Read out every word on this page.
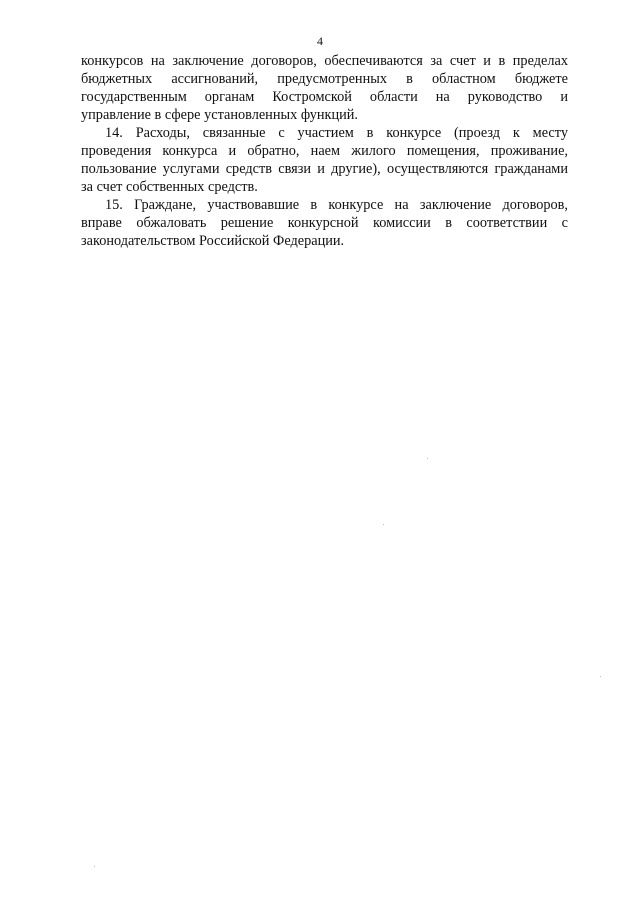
4

конкурсов на заключение договоров, обеспечиваются за счет и в пределах
бюджетных ассигнований, предусмотренных в областном бюджете
государственным органам Костромской области на руководство и
управление в сфере установленных функций.

14. Расходы, связанные с участием в конкурсе (проезд к месту
проведения конкурса и обратно, наем жилого помещения, проживание,
пользование услугами средств связи и другие), осуществляются гражданами
за счет собственных средств.

15. Граждане, участвовавшие в конкурсе на заключение договоров,
вправе обжаловать решение конкурсной комиссии в соответствии с
законодательством Российской Федерации.
